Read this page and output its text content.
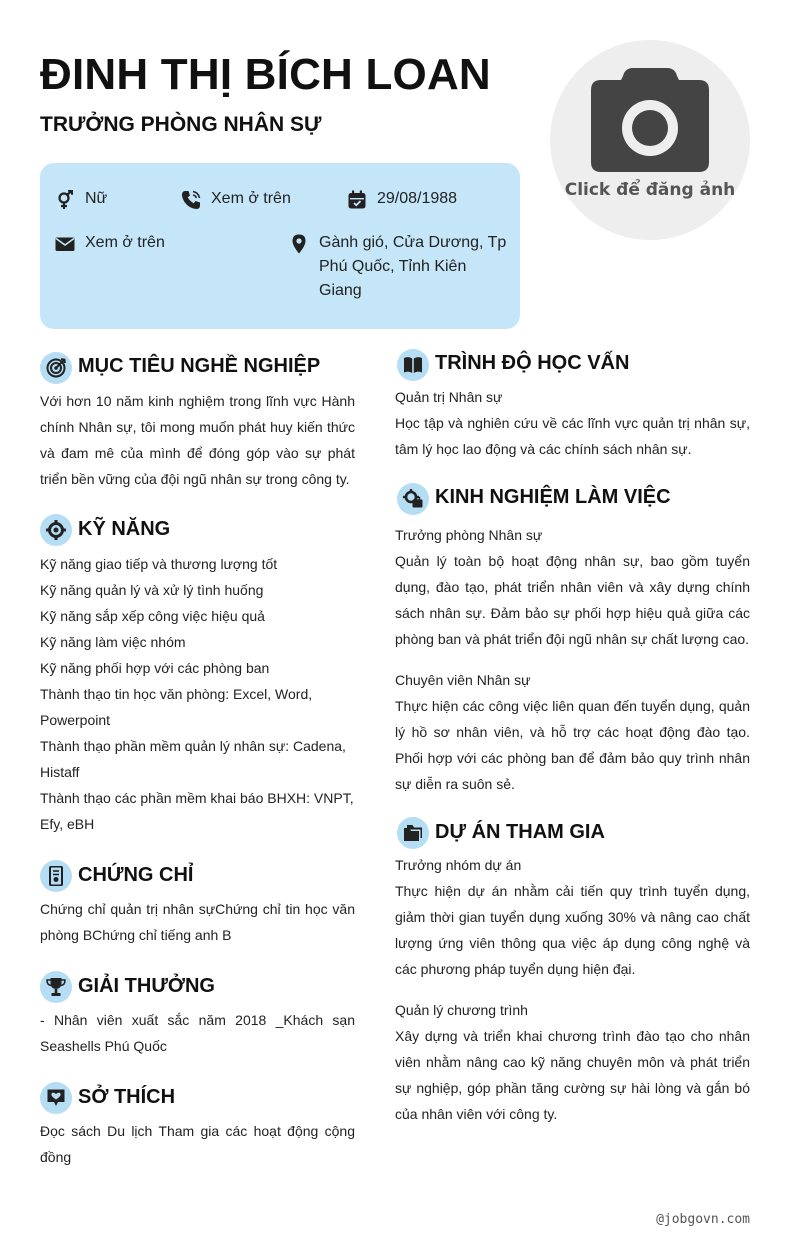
ĐINH THỊ BÍCH LOAN
TRƯỞNG PHÒNG NHÂN SỰ
Click để đăng ảnh
Nữ	Xem ở trên	29/08/1988
Xem ở trên	Gành gió, Cửa Dương, Tp
Phú Quốc, Tỉnh Kiên
Giang
MỤC TIÊU NGHỀ NGHIỆP
Với hơn 10 năm kinh nghiệm trong lĩnh vực Hành chính Nhân sự, tôi mong muốn phát huy kiến thức và đam mê của mình để đóng góp vào sự phát triển bền vững của đội ngũ nhân sự trong công ty.
KỸ NĂNG
Kỹ năng giao tiếp và thương lượng tốt
Kỹ năng quản lý và xử lý tình huống
Kỹ năng sắp xếp công việc hiệu quả
Kỹ năng làm việc nhóm
Kỹ năng phối hợp với các phòng ban
Thành thạo tin học văn phòng: Excel, Word,
Powerpoint
Thành thạo phần mềm quản lý nhân sự: Cadena,
Histaff
Thành thạo các phần mềm khai báo BHXH: VNPT,
Efy, eBH
CHỨNG CHỈ
Chứng chỉ quản trị nhân sựChứng chỉ tin học văn phòng BChứng chỉ tiếng anh B
GIẢI THƯỞNG
- Nhân viên xuất sắc năm 2018 _Khách sạn Seashells Phú Quốc
SỞ THÍCH
Đọc sách Du lịch Tham gia các hoạt động cộng đồng
TRÌNH ĐỘ HỌC VẤN
Quản trị Nhân sự
Học tập và nghiên cứu về các lĩnh vực quản trị nhân sự, tâm lý học lao động và các chính sách nhân sự.
KINH NGHIỆM LÀM VIỆC
Trưởng phòng Nhân sự
Quản lý toàn bộ hoạt động nhân sự, bao gồm tuyển dụng, đào tạo, phát triển nhân viên và xây dựng chính sách nhân sự. Đảm bảo sự phối hợp hiệu quả giữa các phòng ban và phát triển đội ngũ nhân sự chất lượng cao.
Chuyên viên Nhân sự
Thực hiện các công việc liên quan đến tuyển dụng, quản lý hồ sơ nhân viên, và hỗ trợ các hoạt động đào tạo. Phối hợp với các phòng ban để đảm bảo quy trình nhân sự diễn ra suôn sẻ.
DỰ ÁN THAM GIA
Trưởng nhóm dự án
Thực hiện dự án nhằm cải tiến quy trình tuyển dụng, giảm thời gian tuyển dụng xuống 30% và nâng cao chất lượng ứng viên thông qua việc áp dụng công nghệ và các phương pháp tuyển dụng hiện đại.
Quản lý chương trình
Xây dựng và triển khai chương trình đào tạo cho nhân viên nhằm nâng cao kỹ năng chuyên môn và phát triển sự nghiệp, góp phần tăng cường sự hài lòng và gắn bó của nhân viên với công ty.
@jobgovn.com
